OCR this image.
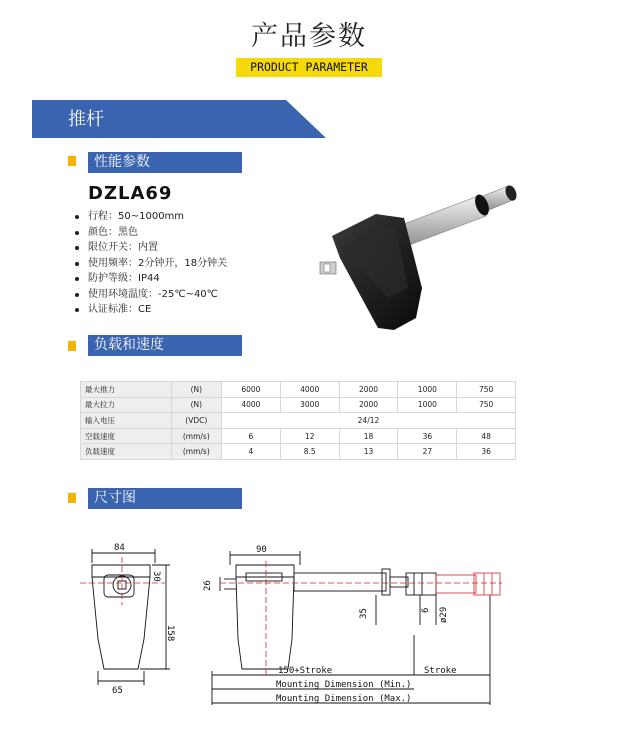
产品参数
PRODUCT PARAMETER
推杆
性能参数
DZLA69
行程：50~1000mm
颜色：黑色
限位开关：内置
使用频率：2分钟开，18分钟关
防护等级：IP44
使用环境温度：-25℃~40℃
认证标准：CE
负载和速度
最大推力	(N)	6000	4000	2000	1000	750
最大拉力	(N)	4000	3000	2000	1000	750
输入电压	(VDC)	24/12				
空载速度	(mm/s)	6	12	18	36	48
负载速度	(mm/s)	4	8.5	13	27	36
尺寸图
84
65
158
30
90
26
35	6 ø29
150+Stroke	Stroke
Mounting Dimension (Min.)
Mounting Dimension (Max.)
